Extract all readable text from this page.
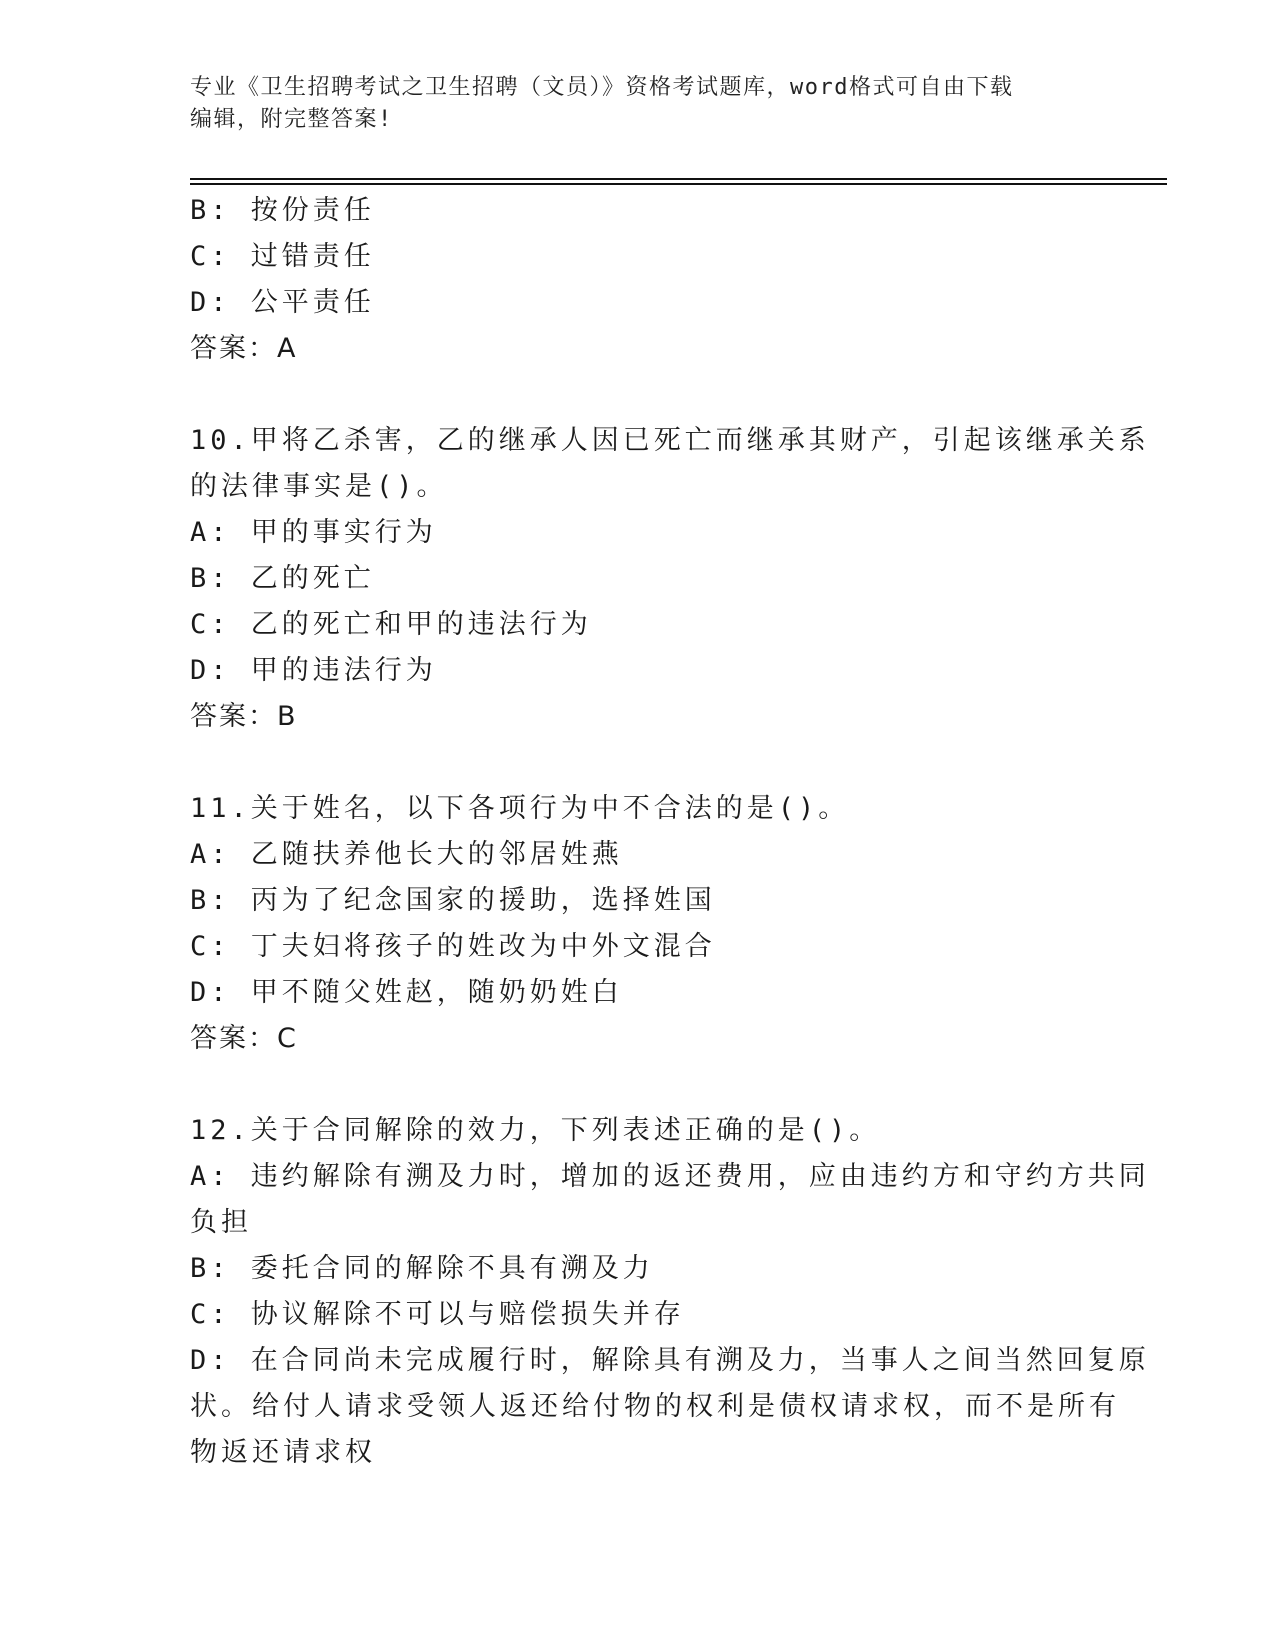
专业《卫生招聘考试之卫生招聘（文员）》资格考试题库，word格式可自由下载
编辑，附完整答案!
B: 按份责任
C: 过错责任
D: 公平责任
答案：A
10.甲将乙杀害，乙的继承人因已死亡而继承其财产，引起该继承关系
的法律事实是()。
A: 甲的事实行为
B: 乙的死亡
C: 乙的死亡和甲的违法行为
D: 甲的违法行为
答案：B
11.关于姓名，以下各项行为中不合法的是()。
A: 乙随扶养他长大的邻居姓燕
B: 丙为了纪念国家的援助，选择姓国
C: 丁夫妇将孩子的姓改为中外文混合
D: 甲不随父姓赵，随奶奶姓白
答案：C
12.关于合同解除的效力，下列表述正确的是()。
A: 违约解除有溯及力时，增加的返还费用，应由违约方和守约方共同
负担
B: 委托合同的解除不具有溯及力
C: 协议解除不可以与赔偿损失并存
D: 在合同尚未完成履行时，解除具有溯及力，当事人之间当然回复原
状。给付人请求受领人返还给付物的权利是债权请求权，而不是所有
物返还请求权
